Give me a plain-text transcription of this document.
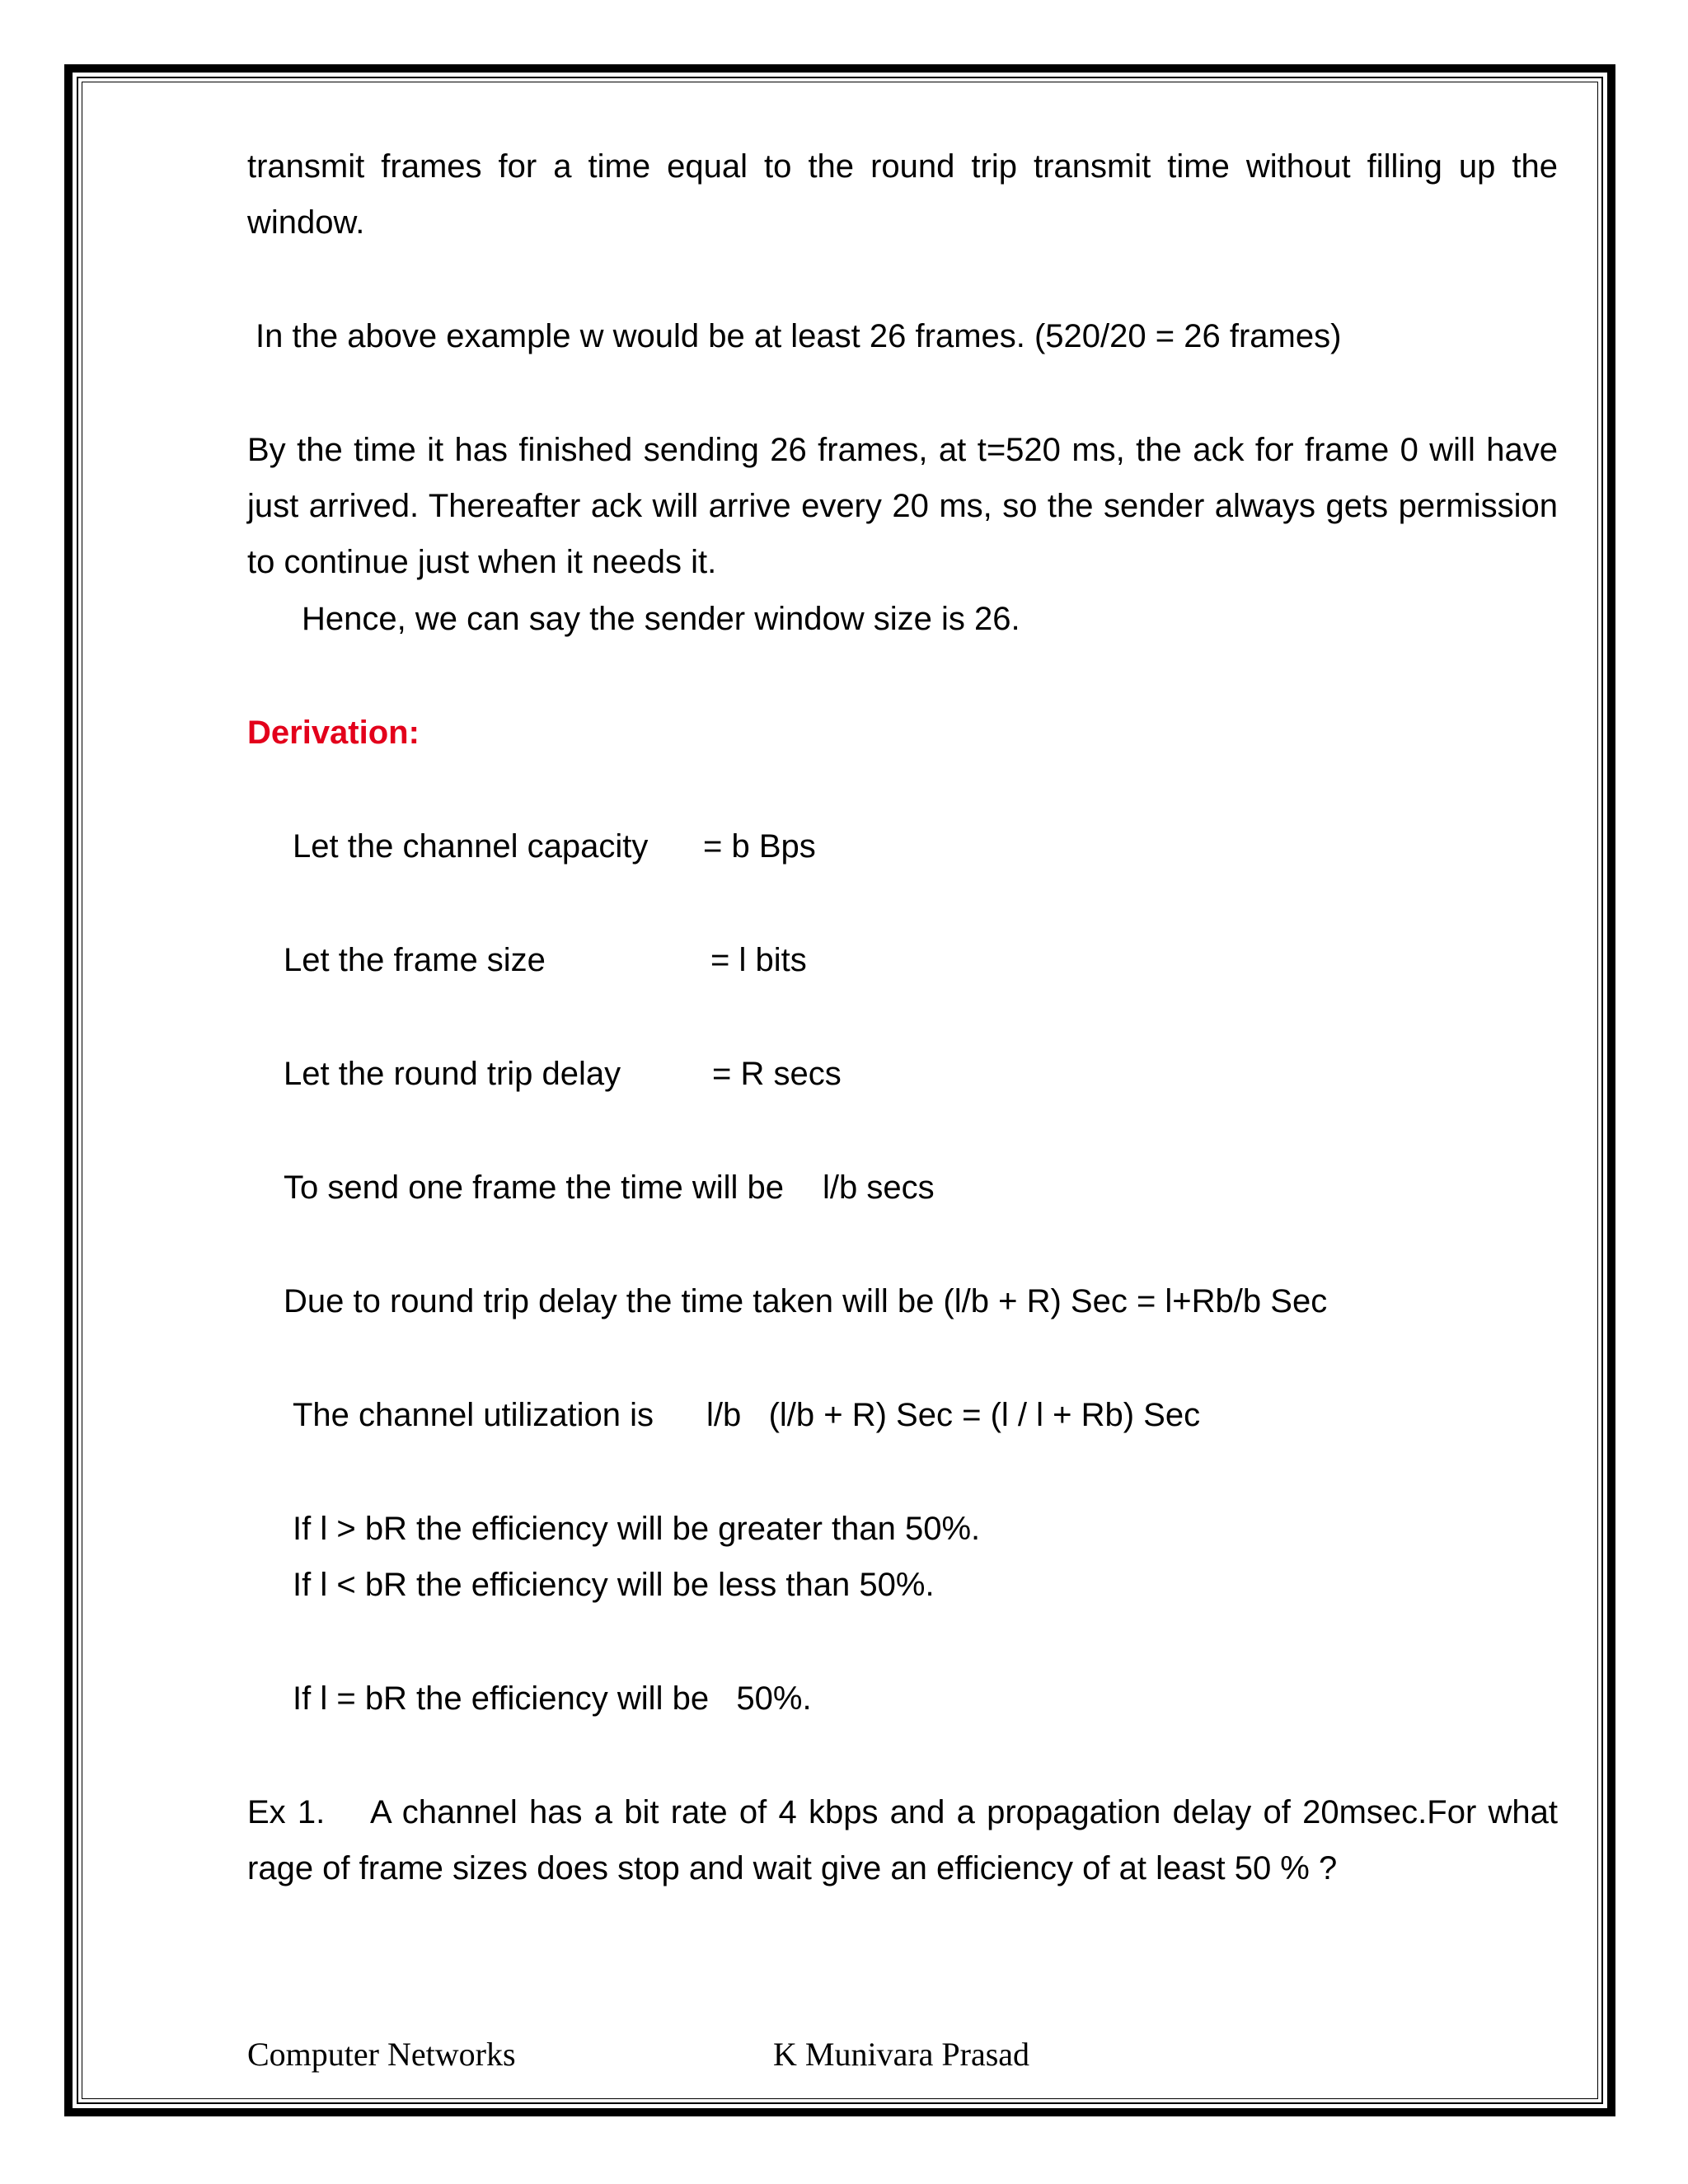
transmit frames for a time equal to the round trip transmit time without filling up the
window.
In the above example w would be at least 26 frames. (520/20 = 26 frames)
By the time it has finished sending 26 frames, at t=520 ms, the ack for frame 0 will have
just arrived. Thereafter ack will arrive every 20 ms, so the sender always gets permission
to continue just when it needs it.
Hence, we can say the sender window size is 26.
Derivation:
Let the channel capacity = b Bps
Let the frame size	= l bits
Let the round trip delay	= R secs
To send one frame the time will be l/b secs
Due to round trip delay the time taken will be (l/b + R) Sec = l+Rb/b Sec
The channel utilization is l/b   (l/b + R) Sec = (l / l + Rb) Sec
If l > bR the efficiency will be greater than 50%.
If l < bR the efficiency will be less than 50%.
If l = bR the efficiency will be   50%.
Ex 1.    A channel has a bit rate of 4 kbps and a propagation delay of 20msec.For what
rage of frame sizes does stop and wait give an efficiency of at least 50 % ?
Computer Networks	K Munivara Prasad
